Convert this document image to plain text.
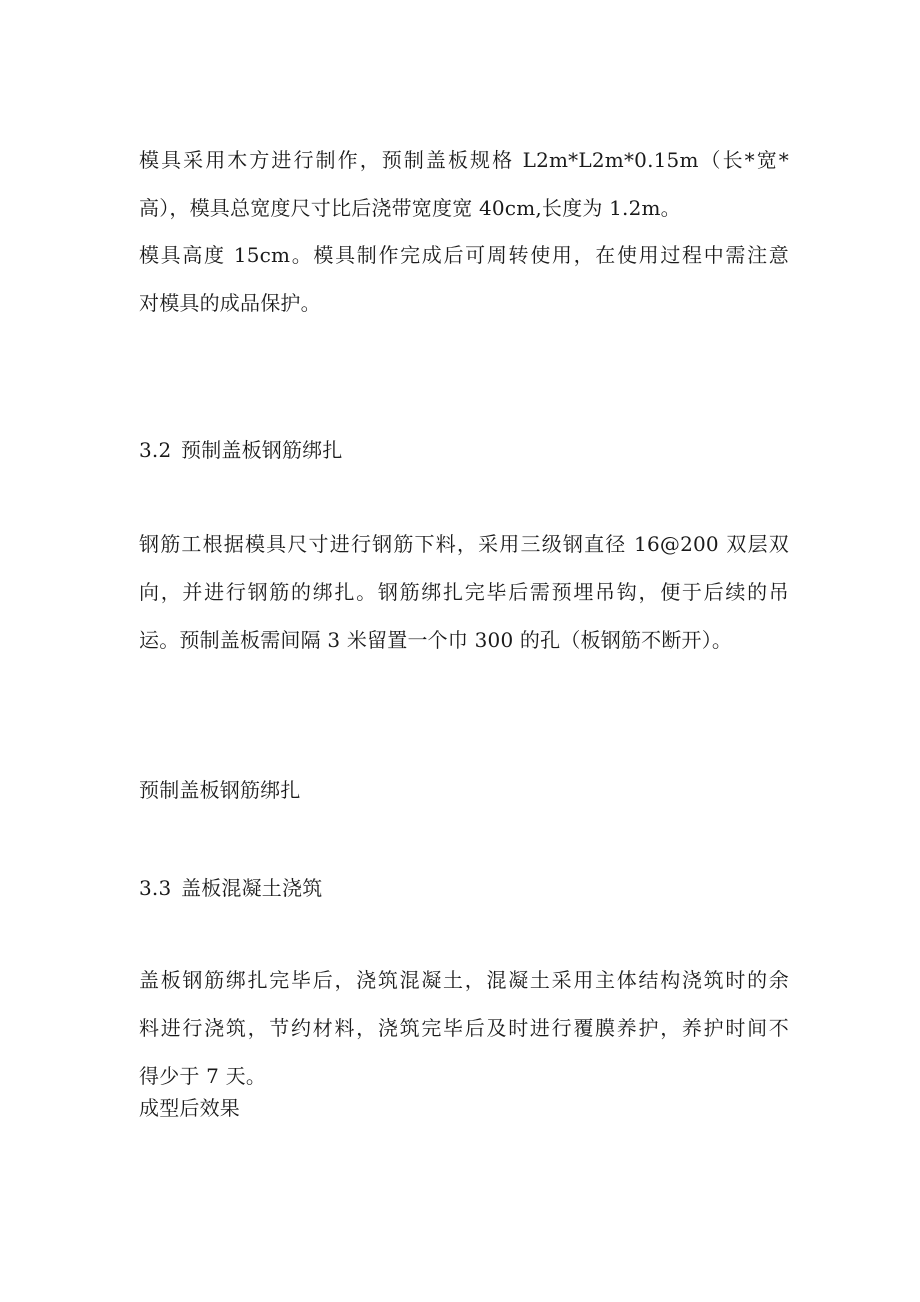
模具采用木方进行制作，预制盖板规格 L2m*L2m*0.15m（长*宽*
高），模具总宽度尺寸比后浇带宽度宽 40cm,长度为 1.2m。
模具高度 15cm。模具制作完成后可周转使用，在使用过程中需注意
对模具的成品保护。
3.2 预制盖板钢筋绑扎
钢筋工根据模具尺寸进行钢筋下料，采用三级钢直径 16@200 双层双
向，并进行钢筋的绑扎。钢筋绑扎完毕后需预埋吊钩，便于后续的吊
运。预制盖板需间隔 3 米留置一个巾 300 的孔（板钢筋不断开）。
预制盖板钢筋绑扎
3.3 盖板混凝土浇筑
盖板钢筋绑扎完毕后，浇筑混凝土，混凝土采用主体结构浇筑时的余
料进行浇筑，节约材料，浇筑完毕后及时进行覆膜养护，养护时间不
得少于 7 天。
成型后效果
